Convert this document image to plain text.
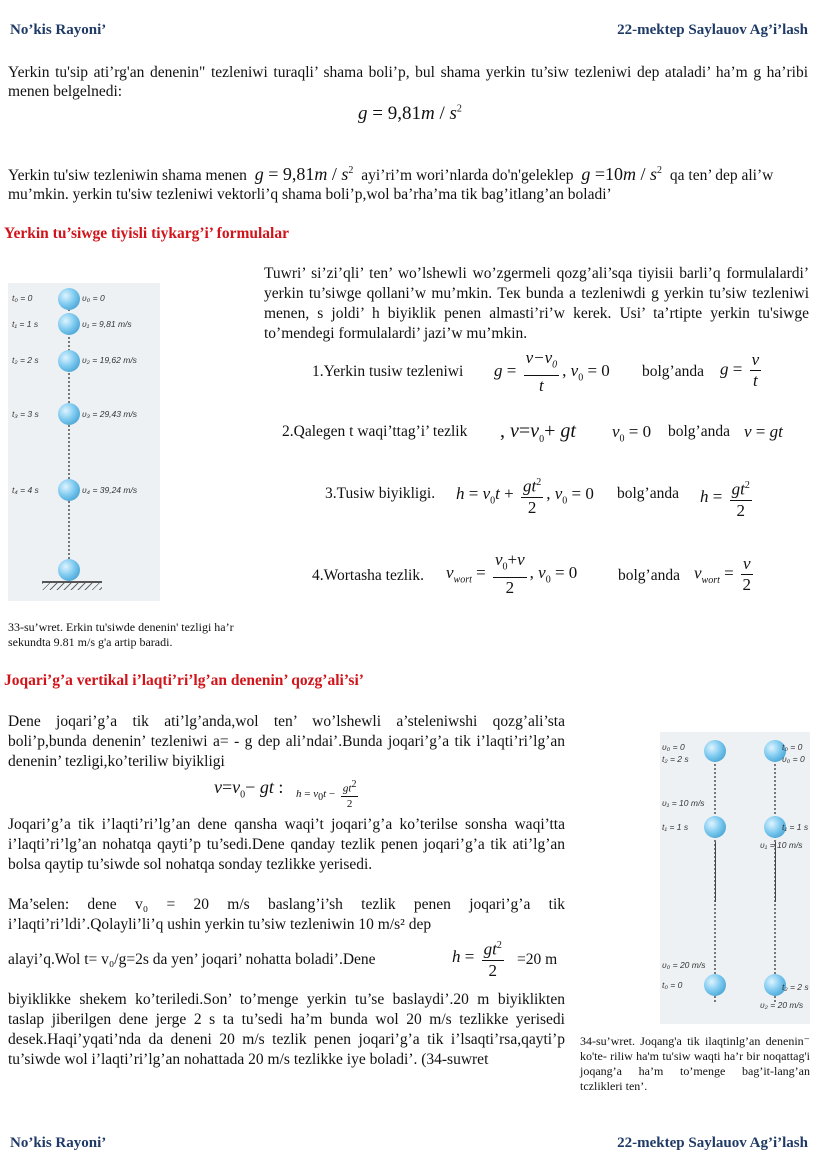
No’kis Rayoni’	22-mektep Saylauov Ag’i’lash
Yerkin tu'sip ati’rg'an denenin" tezleniwi turaqli’ shama boli’p, bul shama yerkin tu’siw tezleniwi dep ataladi’ ha’m g ha’ribi menen belgelnedi:
$g = 9,81m / s^2$
Yerkin tu'siw tezleniwin shama menen $g = 9,81m / s^2$ ayi’ri’m wori’nlarda do'n'geleklep $g =10m / s^2$ qa ten’ dep ali’w mu’mkin. yerkin tu'siw tezleniwi vektorli’q shama boli’p,wol ba’rha’ma tik bag’itlang’an boladi’
Yerkin tu’siwge tiyisli tiykarg’i’ formulalar
t₀ = 0	υ₀ = 0
t₁ = 1 s	υ₁ = 9,81 m/s
t₂ = 2 s	υ₂ = 19,62 m/s
t₃ = 3 s	υ₃ = 29,43 m/s
t₄ = 4 s	υ₄ = 39,24 m/s
33-su’wret. Erkin tu'siwde denenin' tezligi ha’r sekundta 9.81 m/s g'a artip baradi.
Tuwri’ si’zi’qli’ ten’ wo’lshewli wo’zgermeli qozg’ali’sqa tiyisii barli’q formulalardi’ yerkin tu’siwge qollani’w mu’mkin. Тек bunda a tezleniwdi g yerkin tu’siw tezleniwi menen, s joldi’ h biyiklik penen almasti’ri’w kerek. Usi’ ta’rtipte yerkin tu'siwge to’mendegi formulalardi’ jazi’w mu’mkin.
1.Yerkin tusiw tezleniwi $g = \frac{v-v_0}{t}$ , $v_0 = 0$ bolg’anda $g = \frac{v}{t}$
2.Qalegen t waqi’ttag’i’ tezlik , $v=v_0+$ gt $v_0 = 0$ bolg’anda v = gt
3.Tusiw biyikligi. $h = v_0t + \frac{gt^2}{2}$ , $v_0 = 0$ bolg’anda $h = \frac{gt^2}{2}$
4.Wortasha tezlik. $v_{wort} = \frac{v_0+v}{2}$ , $v_0 = 0$	bolg’anda $v_{wort} = \frac{v}{2}$
Joqari’g’a vertikal i’laqti’ri’lg’an denenin’ qozg’ali’si’
Dene joqari’g’a tik ati’lg’anda,wol ten’ wo’lshewli a’steleniwshi qozg’ali’sta boli’p,bunda denenin’ tezleniwi a= - g dep ali’ndai’.Bunda joqari’g’a tik i’laqti’ri’lg’an denenin’ tezligi,ko’teriliw biyikligi
$v=v_0-$ gt : $h = v_0t - \frac{gt^2}{2}$
Joqari’g’a tik i’laqti’ri’lg’an dene qansha waqi’t joqari’g’a ko’terilse sonsha waqi’tta i’laqti’ri’lg’an nohatqa qayti’p tu’sedi.Dene qanday tezlik penen joqari’g’a tik ati’lg’an bolsa qaytip tu’siwde sol nohatqa sonday tezlikke yerisedi.
Ma’selen: dene v₀ = 20 m/s baslang’i’sh tezlik penen joqari’g’a tik i’laqti’ri’ldi’.Qolayli’li’q ushin yerkin tu’siw tezleniwin 10 m/s² dep
alayi’q.Wol t= v₀/g=2s da yen’ joqari’ nohatta boladi’.Dene	$h = \frac{gt^2}{2} =20$ m
biyiklikke shekem ko’teriledi.Son’ to’menge yerkin tu’se baslaydi’.20 m biyiklikten taslap jiberilgen dene jerge 2 s ta tu’sedi ha’m bunda wol 20 m/s tezlikke yerisedi desek.Haqi’yqati’nda da deneni 20 m/s tezlik penen joqari’g’a tik i’lsaqti’rsa,qayti’p tu’siwde wol i’laqti’ri’lg’an nohattada 20 m/s tezlikke iye boladi’. (34-suwret
υ₀ = 0
t₂ = 2 s
υ₁ = 10 m/s
t₁ = 1 s
υ₀ = 20 m/s
t₀ = 0
t₀ = 0
υ₀ = 0
t₁ = 1 s
υ₁ = 10 m/s
t₂ = 2 s
υ₂ = 20 m/s
34-su’wret. Joqang'a tik ilaqtinlg’an denenin⁻ ko'te- riliw ha'm tu'siw waqti ha’r bir noqattag'i joqang’a ha’m to’menge bag’it-lang’an tczlikleri ten’.
No’kis Rayoni’	22-mektep Saylauov Ag’i’lash
